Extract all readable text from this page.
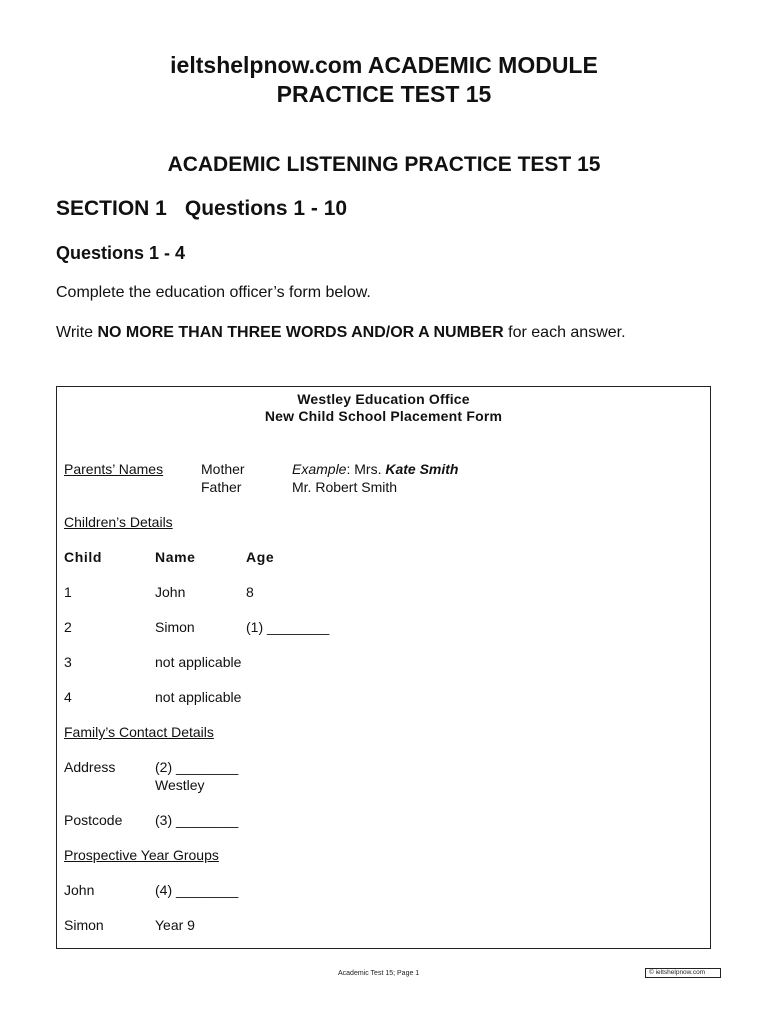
ieltshelpnow.com ACADEMIC MODULE
PRACTICE TEST 15
ACADEMIC LISTENING PRACTICE TEST 15
SECTION 1 Questions 1 - 10
Questions 1 - 4
Complete the education officer’s form below.
Write NO MORE THAN THREE WORDS AND/OR A NUMBER for each answer.
Westley Education Office
New Child School Placement Form
Parents’ Names	Mother	Example: Mrs. Kate Smith
Father	Mr. Robert Smith
Children’s Details
Child	Name	Age
1	John	8
2	Simon	(1) ________
3	not applicable
4	not applicable
Family’s Contact Details
Address	(2) ________
Westley
Postcode (3) ________
Prospective Year Groups
John	(4) ________
Simon	Year 9
Academic Test 15; Page 1	© ieltshelpnow.com
